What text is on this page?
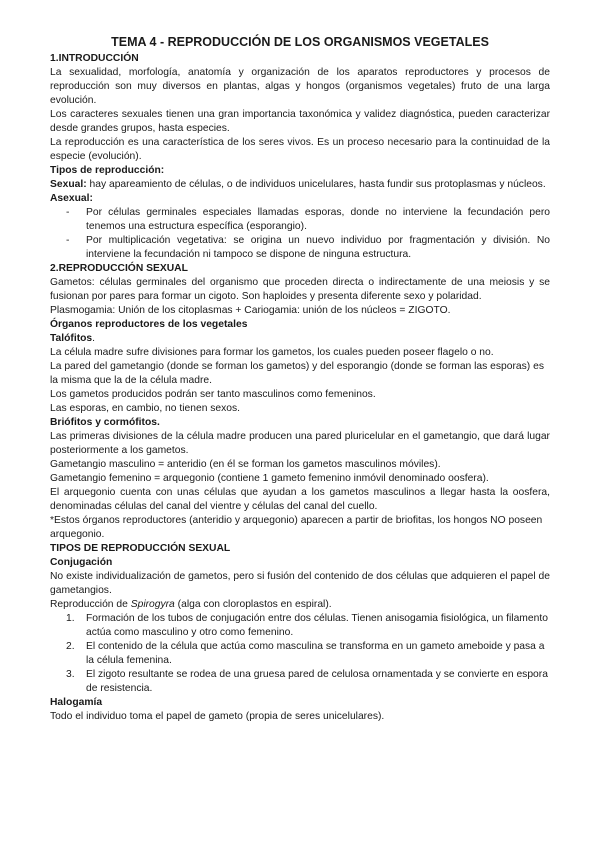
TEMA 4 - REPRODUCCIÓN DE LOS ORGANISMOS VEGETALES

1.INTRODUCCIÓN

La sexualidad, morfología, anatomía y organización de los aparatos reproductores y procesos de reproducción son muy diversos en plantas, algas y hongos (organismos vegetales) fruto de una larga evolución.

Los caracteres sexuales tienen una gran importancia taxonómica y validez diagnóstica, pueden caracterizar desde grandes grupos, hasta especies.

La reproducción es una característica de los seres vivos. Es un proceso necesario para la continuidad de la especie (evolución).

Tipos de reproducción:

Sexual: hay apareamiento de células, o de individuos unicelulares, hasta fundir sus protoplasmas y núcleos.

Asexual:

- Por células germinales especiales llamadas esporas, donde no interviene la fecundación pero tenemos una estructura específica (esporangio).
- Por multiplicación vegetativa: se origina un nuevo individuo por fragmentación y división. No interviene la fecundación ni tampoco se dispone de ninguna estructura.

2.REPRODUCCIÓN SEXUAL

Gametos: células germinales del organismo que proceden directa o indirectamente de una meiosis y se fusionan por pares para formar un cigoto. Son haploides y presenta diferente sexo y polaridad.

Plasmogamia: Unión de los citoplasmas + Cariogamia: unión de los núcleos = ZIGOTO.

Órganos reproductores de los vegetales

Talófitos.

La célula madre sufre divisiones para formar los gametos, los cuales pueden poseer flagelo o no.

La pared del gametangio (donde se forman los gametos) y del esporangio (donde se forman las esporas) es la misma que la de la célula madre.

Los gametos producidos podrán ser tanto masculinos como femeninos.

Las esporas, en cambio, no tienen sexos.

Briófitos y cormófitos.

Las primeras divisiones de la célula madre producen una pared pluricelular en el gametangio, que dará lugar posteriormente a los gametos.

Gametangio masculino = anteridio (en él se forman los gametos masculinos móviles).

Gametangio femenino = arquegonio (contiene 1 gameto femenino inmóvil denominado oosfera).

El arquegonio cuenta con unas células que ayudan a los gametos masculinos a llegar hasta la oosfera, denominadas células del canal del vientre y células del canal del cuello.

*Estos órganos reproductores (anteridio y arquegonio) aparecen a partir de briofitas, los hongos NO poseen arquegonio.

TIPOS DE REPRODUCCIÓN SEXUAL

Conjugación

No existe individualización de gametos, pero si fusión del contenido de dos células que adquieren el papel de gametangios.

Reproducción de Spirogyra (alga con cloroplastos en espiral).

1. Formación de los tubos de conjugación entre dos células. Tienen anisogamia fisiológica, un filamento actúa como masculino y otro como femenino.
2. El contenido de la célula que actúa como masculina se transforma en un gameto ameboide y pasa a la célula femenina.
3. El zigoto resultante se rodea de una gruesa pared de celulosa ornamentada y se convierte en espora de resistencia.

Halogamía

Todo el individuo toma el papel de gameto (propia de seres unicelulares).
